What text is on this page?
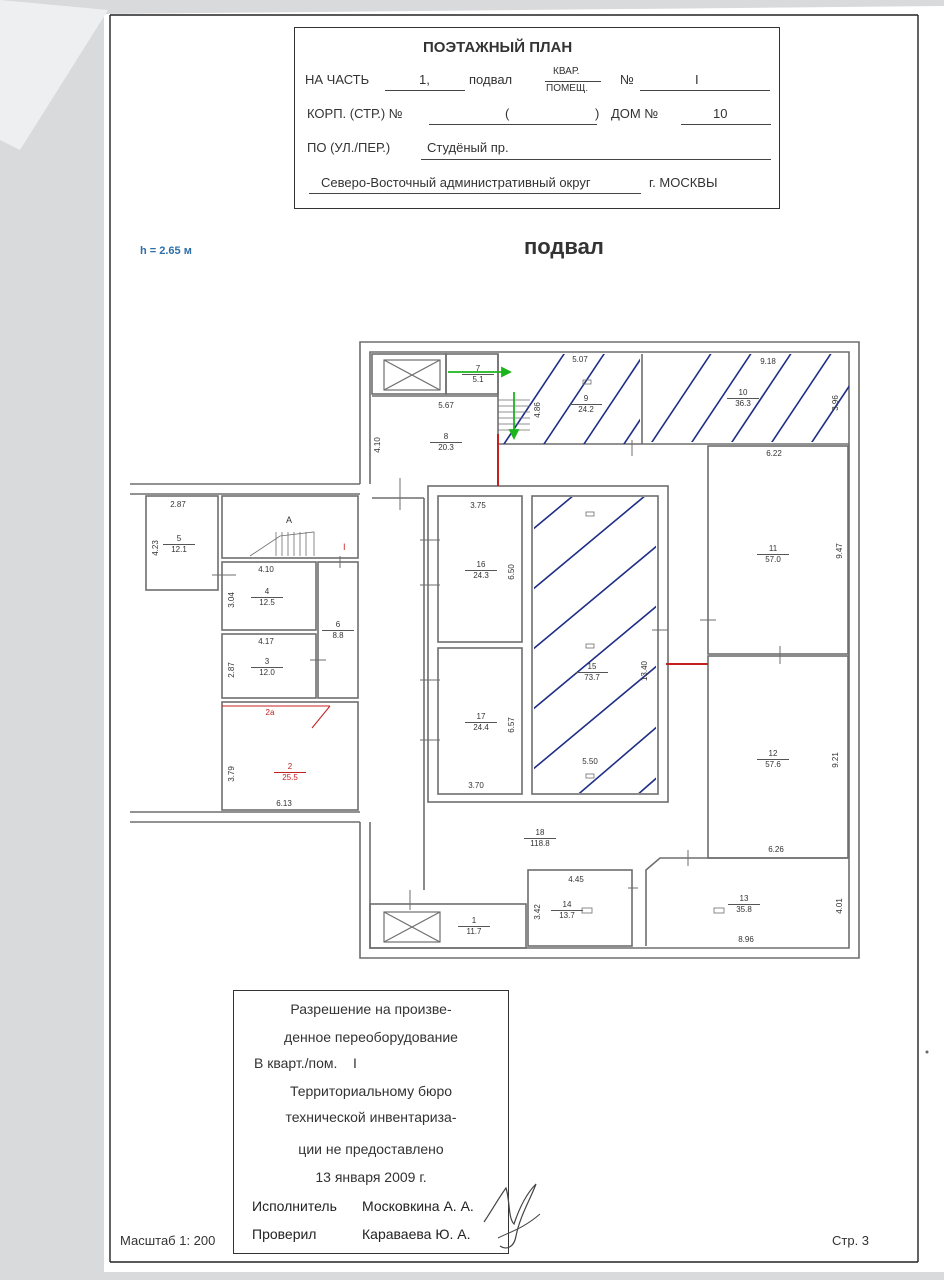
ПОЭТАЖНЫЙ ПЛАН
НА ЧАСТЬ	1,	подвал
КВАР.
ПОМЕЩ.
№	I
КОРП. (СТР.) №	(	) ДОМ №	10
ПО (УЛ./ПЕР.)	Студёный пр.
Северо-Восточный административный округ	г. МОСКВЫ
h = 2.65 м	подвал
1
11.7
2
25.5
2а
3
12.0
4
12.5
5
12.1
6
8.8
7
5.1
8
20.3
9
24.2
10
36.3
11
57.0
12
57.6
13
35.8
14
13.7
15
73.7
16
24.3
17
24.4
18
118.8
5.07	9.18
3.96
4.86
5.67
4.10
6.22
2.87
4.23
3.75
6.50
4.10
3.04
4.17
2.87
9.47
13.40
6.57
3.79
6.13
3.70
5.50	9.21
6.26
4.45
3.42	4.01
8.96
А
I
Разрешение на произве-
денное переоборудование
В кварт./пом.    I
Территориальному бюро
технической инвентариза-
ции не предоставлено
13 января 2009 г.
Исполнитель Московкина А. А.
Проверил	Караваева Ю. А.
Масштаб 1: 200	Стр. 3
